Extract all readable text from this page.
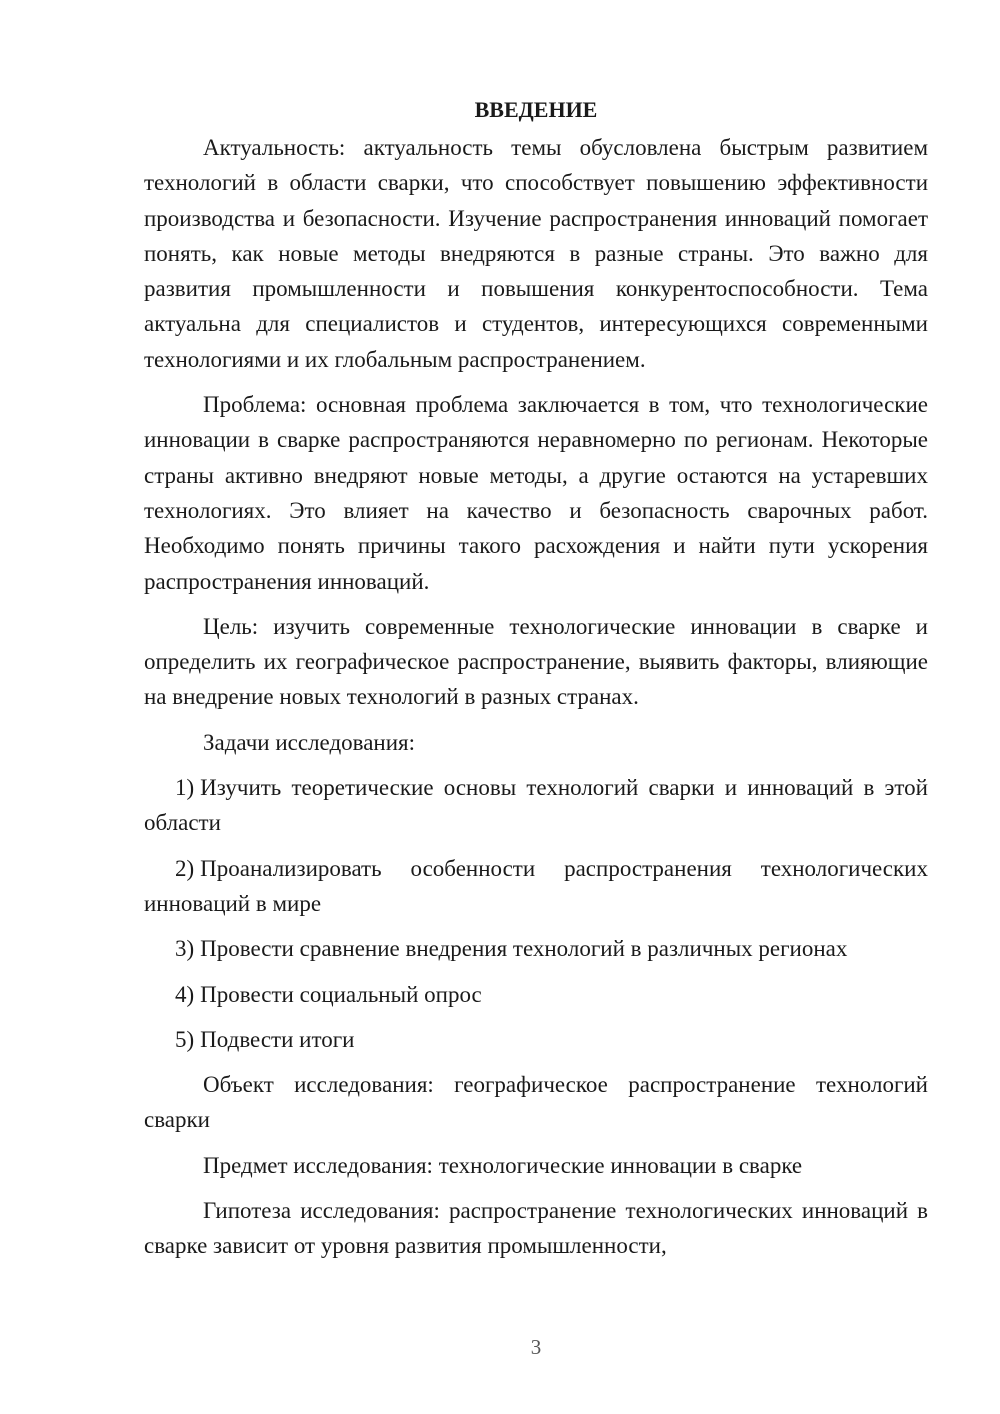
ВВЕДЕНИЕ

Актуальность: актуальность темы обусловлена быстрым развитием технологий в области сварки, что способствует повышению эффективности производства и безопасности. Изучение распространения инноваций помогает понять, как новые методы внедряются в разные страны. Это важно для развития промышленности и повышения конкурентоспособности. Тема актуальна для специалистов и студентов, интересующихся современными технологиями и их глобальным распространением.

Проблема: основная проблема заключается в том, что технологические инновации в сварке распространяются неравномерно по регионам. Некоторые страны активно внедряют новые методы, а другие остаются на устаревших технологиях. Это влияет на качество и безопасность сварочных работ. Необходимо понять причины такого расхождения и найти пути ускорения распространения инноваций.

Цель: изучить современные технологические инновации в сварке и определить их географическое распространение, выявить факторы, влияющие на внедрение новых технологий в разных странах.

Задачи исследования:

1) Изучить теоретические основы технологий сварки и инноваций в этой области

2) Проанализировать особенности распространения технологических инноваций в мире

3) Провести сравнение внедрения технологий в различных регионах

4) Провести социальный опрос

5) Подвести итоги

Объект исследования: географическое распространение технологий сварки

Предмет исследования: технологические инновации в сварке

Гипотеза исследования: распространение технологических инноваций в сварке зависит от уровня развития промышленности,

3
